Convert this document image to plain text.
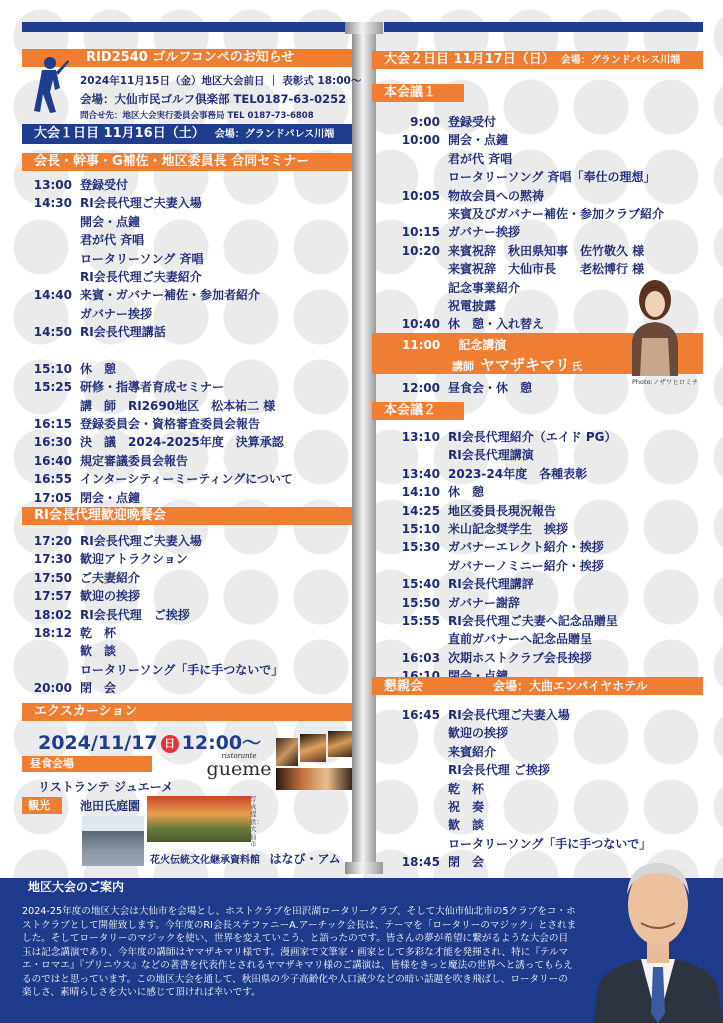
RID2540 ゴルフコンペのお知らせ
2024年11月15日（金）地区大会前日 ｜ 表彰式 18:00～
会場：大仙市民ゴルフ倶楽部 TEL0187-63-0252
問合せ先：地区大会実行委員会事務局 TEL 0187-73-6808
大会１日目 11月16日（土） 会場：グランドパレス川端
会長・幹事・G補佐・地区委員長 合同セミナー
13:00 登録受付
14:30 RI会長代理ご夫妻入場
開会・点鐘
君が代 斉唱
ロータリーソング 斉唱
RI会長代理ご夫妻紹介
14:40 来賓・ガバナー補佐・参加者紹介
ガバナー挨拶
14:50 RI会長代理講話
15:10 休　憩
15:25 研修・指導者育成セミナー
講　師　RI2690地区　松本祐二 様
16:15 登録委員会・資格審査委員会報告
16:30 決　議　2024-2025年度　決算承認
16:40 規定審議委員会報告
16:55 インターシティーミーティングについて
17:05 閉会・点鐘
RI会長代理歓迎晩餐会
17:20 RI会長代理ご夫妻入場
17:30 歓迎アトラクション
17:50 ご夫妻紹介
17:57 歓迎の挨拶
18:02 RI会長代理　ご挨拶
18:12 乾　杯
歓　談
ロータリーソング「手に手つないで」
20:00 閉　会
エクスカーション
2024/11/17 日 12:00〜
昼食会場
リストランテ ジュエーメ
ristorante
gueme
観光	池田氏庭園	写真提供：大仙市
花火伝統文化継承資料館 はなび・アム
大会２日目 11月17日（日） 会場：グランドパレス川端
本会議１
9:00 登録受付
10:00 開会・点鐘
君が代 斉唱
ロータリーソング 斉唱「奉仕の理想」
10:05 物故会員への黙祷
来賓及びガバナー補佐・参加クラブ紹介
10:15 ガバナー挨拶
10:20 来賓祝辞　秋田県知事　佐竹敬久 様
来賓祝辞　大仙市長　　老松博行 様
記念事業紹介
祝電披露
10:40 休　憩・入れ替え
11:00 記念講演
講師 ヤマザキマリ 氏
Photo:ノザワヒロミチ
12:00 昼食会・休　憩
本会議２
13:10 RI会長代理紹介（エイド PG）
RI会長代理講演
13:40 2023-24年度　各種表彰
14:10 休　憩
14:25 地区委員長現況報告
15:10 米山記念奨学生　挨拶
15:30 ガバナーエレクト紹介・挨拶
ガバナーノミニー紹介・挨拶
15:40 RI会長代理講評
15:50 ガバナー謝辞
15:55 RI会長代理ご夫妻へ記念品贈呈
直前ガバナーへ記念品贈呈
16:03 次期ホストクラブ会長挨拶
懇親会	会場：大曲エンパイヤホテル
16:45 RI会長代理ご夫妻入場
歓迎の挨拶
来賓紹介
RI会長代理 ご挨拶
乾　杯
祝　奏
歓　談
ロータリーソング「手に手つないで」
18:45 閉　会
地区大会のご案内
2024-25年度の地区大会は大仙市を会場とし、ホストクラブを田沢湖ロータリークラブ、そして大仙市仙北市の5クラブをコ・ホストクラブとして開催致します。今年度のRI会長ステファニーA.アーチック会長は、テーマを「ロータリーのマジック」とされました。そしてロータリーのマジックを使い、世界を変えていこう、と語ったのです。皆さんの夢が希望に繋がるような大会の目玉は記念講演であり、今年度の講師はヤマザキマリ様です。漫画家で文筆家・画家として多彩な才能を発揮され、特に『テルマエ・ロマエ』『プリニウス』などの著書を代表作とされるヤマザキマリ様のご講演は、皆様をきっと魔法の世界へと誘ってもらえるのではと思っています。この地区大会を通して、秋田県の少子高齢化や人口減少などの暗い話題を吹き飛ばし、ロータリーの楽しさ、素晴らしさを大いに感じて頂ければ幸いです。
